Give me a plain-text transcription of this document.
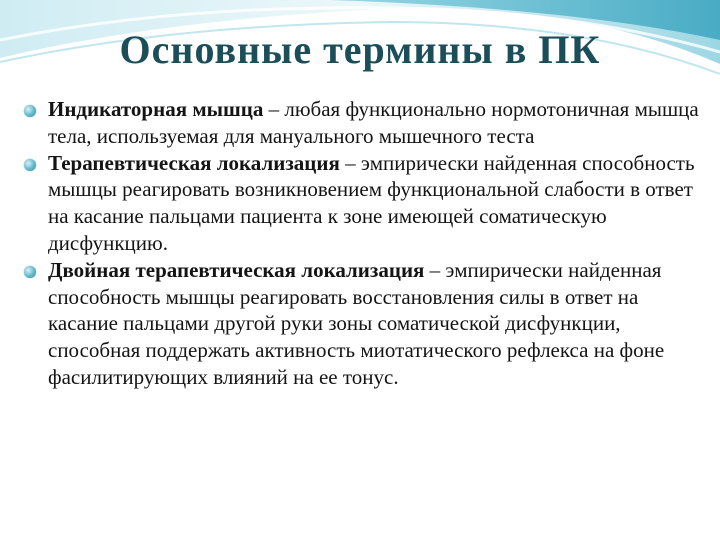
Основные термины в ПК

Индикаторная мышца – любая функционально нормотоничная мышца тела, используемая для мануального мышечного теста

Терапевтическая локализация – эмпирически найденная способность мышцы реагировать возникновением функциональной слабости в ответ на касание пальцами пациента к зоне имеющей соматическую дисфункцию.

Двойная терапевтическая локализация – эмпирически найденная способность мышцы реагировать восстановления силы в ответ на касание пальцами другой руки зоны соматической дисфункции, способная поддержать активность миотатического рефлекса на фоне фасилитирующих влияний на ее тонус.
